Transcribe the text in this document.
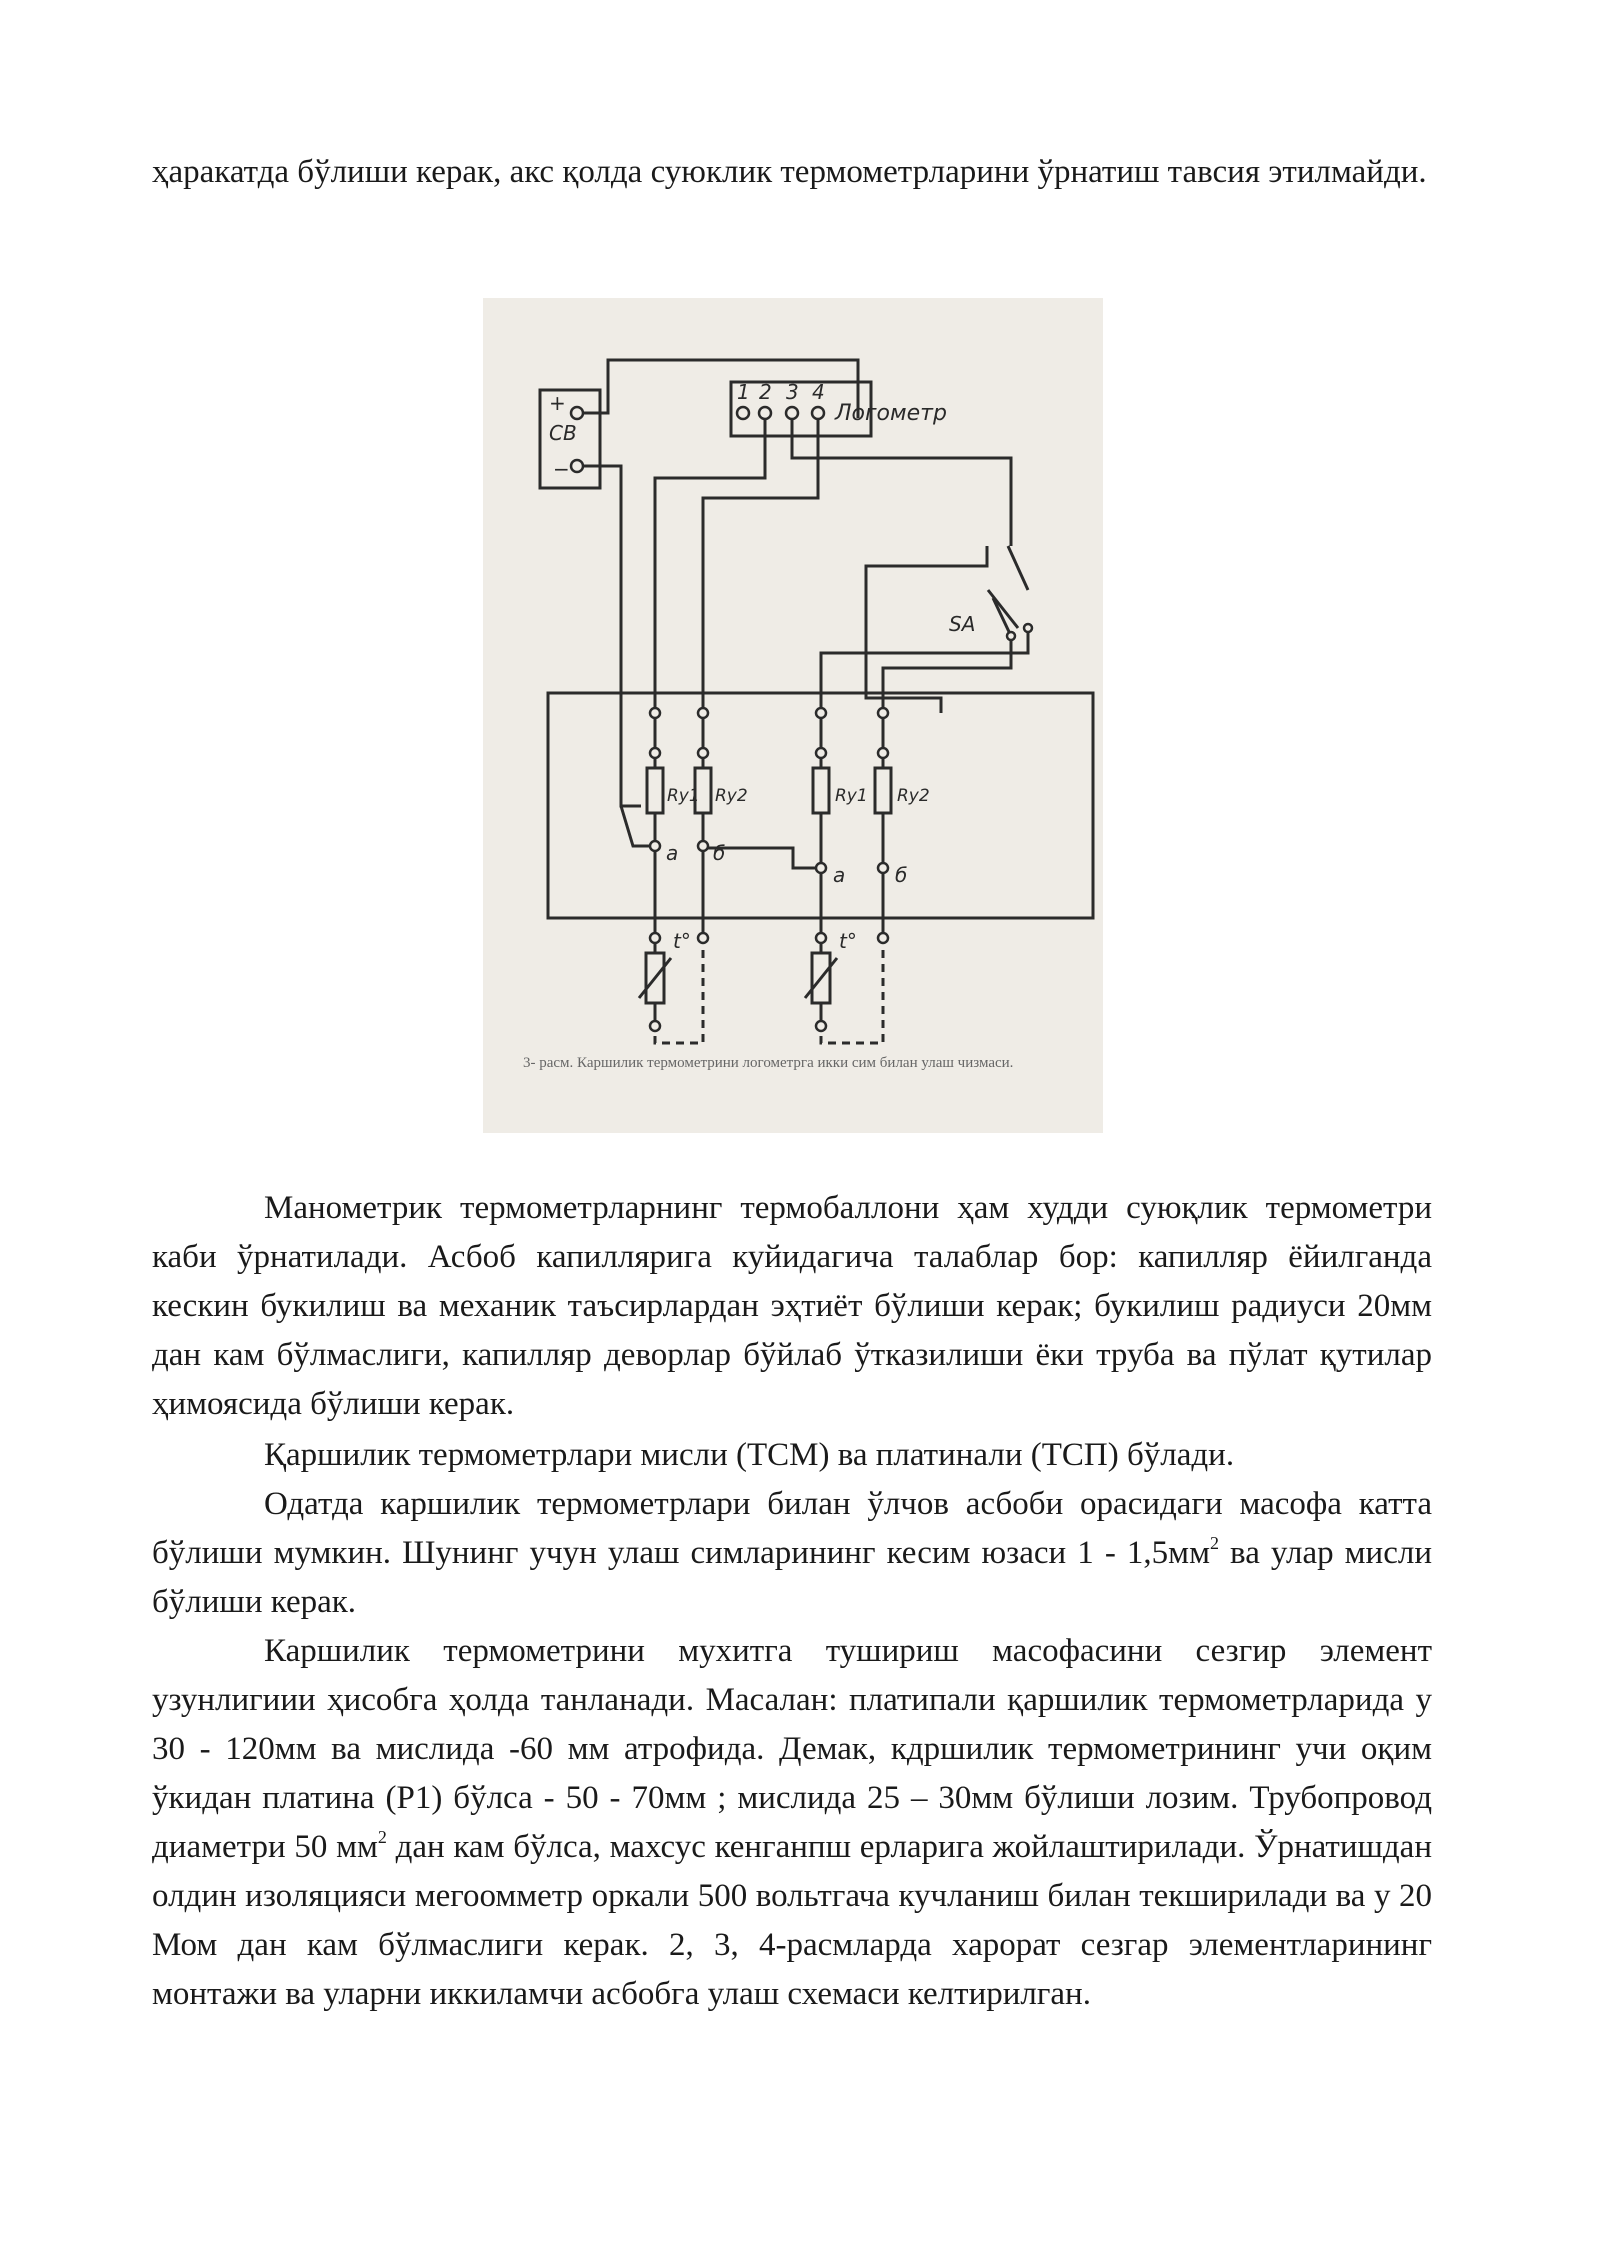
ҳаракатда бўлиши керак, акс қолда суюклик термометрларини ўрнатиш тавсия этилмайди.

+
СВ
−
Логометр
1 2 3 4
SA
Rу1 Rу2	Rу1 Rу2
а б
а б
t°	t°
3- расм. Каршилик термометрини логометрга икки сим билан улаш чизмаси.

Манометрик термометрларнинг термобаллони ҳам худди суюқлик термометри каби ўрнатилади. Асбоб капиллярига куйидагича талаблар бор: капилляр ёйилганда кескин букилиш ва механик таъсирлардан эҳтиёт бўлиши керак; букилиш радиуси 20мм дан кам бўлмаслиги, капилляр деворлар бўйлаб ўтказилиши ёки труба ва пўлат қутилар ҳимоясида бўлиши керак.

Қаршилик термометрлари мисли (ТСМ) ва платинали (ТСП) бўлади.

Одатда каршилик термометрлари билан ўлчов асбоби орасидаги масофа катта бўлиши мумкин. Шунинг учун улаш симларининг кесим юзаси $1 - 1,5мм^2$ ва улар мисли бўлиши керак.

Каршилик термометрини мухитга тушириш масофасини сезгир элемент узунлигиии ҳисобга ҳолда танланади. Масалан: платипали қаршилик термометрларида у 30 - 120мм ва мислида -60 мм атрофида. Демак, кдршилик термометрининг учи оқим ўкидан платина (Р1) бўлса - 50 - 70мм ; мислида 25 – 30мм бўлиши лозим. Трубопровод диаметри 50 $мм^2$ дан кам бўлса, махсус кенганпш ерларига жойлаштирилади. Ўрнатишдан олдин изоляцияси мегоомметр оркали 500 вольтгача кучланиш билан текширилади ва у 20 Мом дан кам бўлмаслиги керак. 2, 3, 4-расмларда харорат сезгар элементларининг монтажи ва уларни иккиламчи асбобга улаш схемаси келтирилган.
